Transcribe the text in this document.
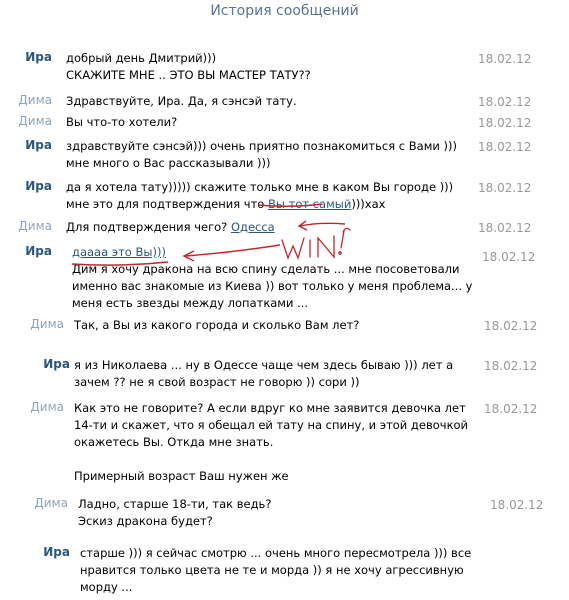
История сообщений
Ира добрый день Дмитрий)))
СКАЖИТЕ МНЕ .. ЭТО ВЫ МАСТЕР ТАТУ??
18.02.12
Дима Здравствуйте, Ира. Да, я сэнсэй тату.	18.02.12
Дима Вы что-то хотели?	18.02.12
Ира здравствуйте сэнсэй))) очень приятно познакомиться с Вами )))
мне много о Вас рассказывали )))
18.02.12
Ира да я хотела тату))))) скажите только мне в каком Вы городе )))
мне это для подтверждения что Вы тот самый)))хах
18.02.12
Дима Для подтверждения чего? Одесса	18.02.12
Ира даааа это Вы)))
Дим я хочу дракона на всю спину сделать ... мне посоветовали
именно вас знакомые из Киева )) вот только у меня проблема... у
меня есть звезды между лопатками ...
18.02.12
Дима Так, а Вы из какого города и сколько Вам лет?	18.02.12
Ира я из Николаева ... ну в Одессе чаще чем здесь бываю ))) лет а
зачем ?? не я свой возраст не говорю )) сори ))
18.02.12
Дима Как это не говорите? А если вдруг ко мне заявится девочка лет
14-ти и скажет, что я обещал ей тату на спину, и этой девочкой
окажетесь Вы. Откда мне знать.

Примерный возраст Ваш нужен же
18.02.12
Дима Ладно, старше 18-ти, так ведь?
Эскиз дракона будет?
18.02.12
Ира старше ))) я сейчас смотрю ... очень много пересмотрела ))) все
нравится только цвета не те и морда )) я не хочу агрессивную
морду ...
